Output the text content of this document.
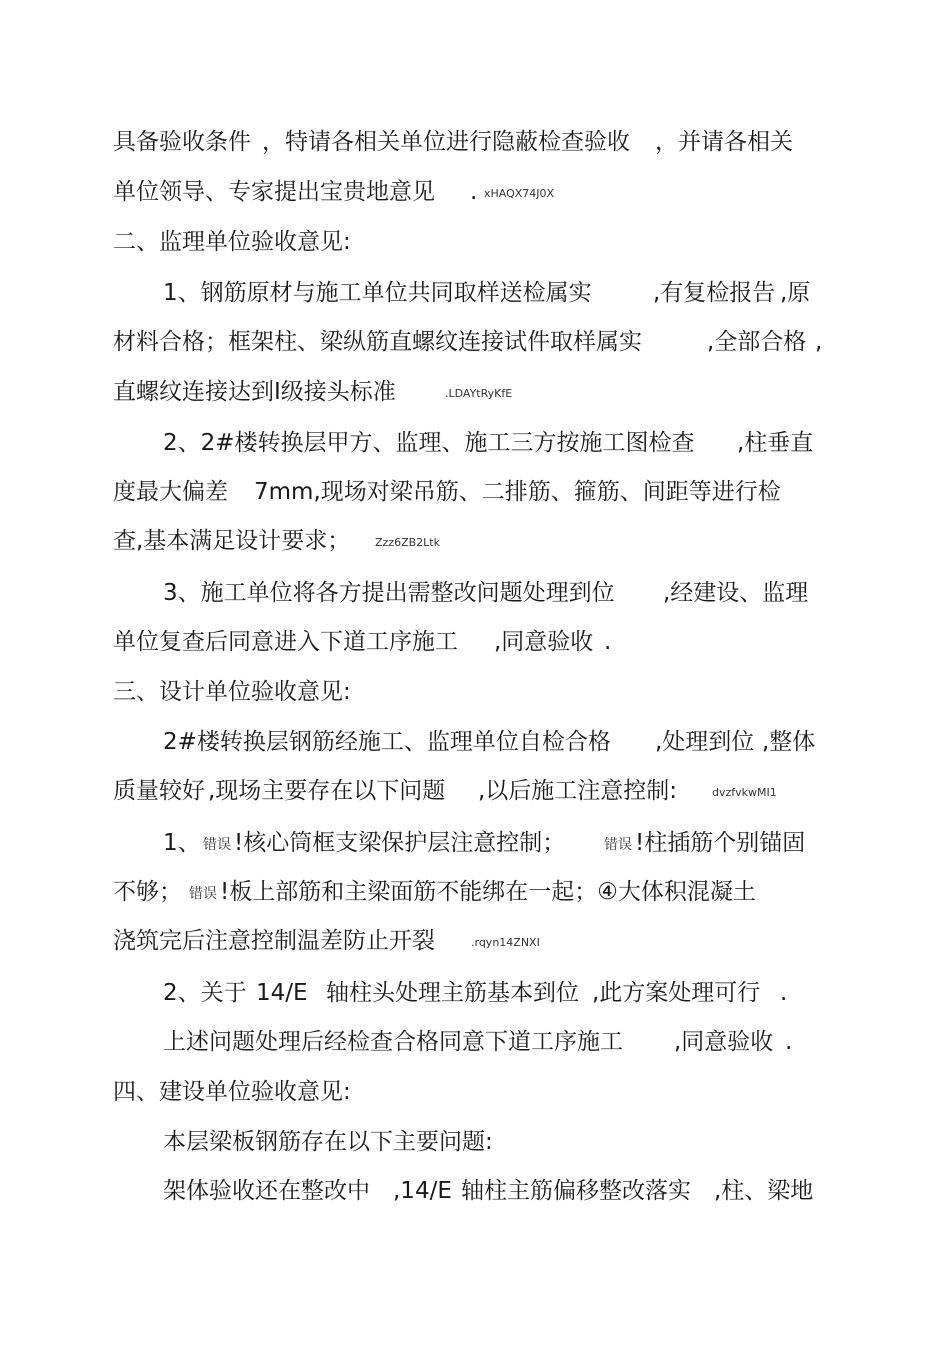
具备验收条件 ，特请各相关单位进行隐蔽检查验收 ，并请各相关
单位领导、专家提出宝贵地意见 . xHAQX74J0X
二、监理单位验收意见:
1、钢筋原材与施工单位共同取样送检属实	,有复检报告 ,原
材料合格；框架柱、梁纵筋直螺纹连接试件取样属实	,全部合格 ,
直螺纹连接达到Ⅰ级接头标准	.LDAYtRyKfE
2、2#楼转换层甲方、监理、施工三方按施工图检查 ,柱垂直
度最大偏差 7mm,现场对梁吊筋、二排筋、箍筋、间距等进行检
查,基本满足设计要求； Zzz6ZB2Ltk
3、施工单位将各方提出需整改问题处理到位 ,经建设、监理
单位复查后同意进入下道工序施工 ,同意验收 .
三、设计单位验收意见:
2#楼转换层钢筋经施工、监理单位自检合格 ,处理到位 ,整体
质量较好 ,现场主要存在以下问题 ,以后施工注意控制:	dvzfvkwMI1
1、 错误 !核心筒框支梁保护层注意控制；	错误 !柱插筋个别锚固
不够； 错误 !板上部筋和主梁面筋不能绑在一起；④大体积混凝土
浇筑完后注意控制温差防止开裂	.rqyn14ZNXI
2、关于 14/E 轴柱头处理主筋基本到位 ,此方案处理可行 .
上述问题处理后经检查合格同意下道工序施工 ,同意验收 .
四、建设单位验收意见:
本层梁板钢筋存在以下主要问题:
架体验收还在整改中 ,14/E 轴柱主筋偏移整改落实 ,柱、梁地
